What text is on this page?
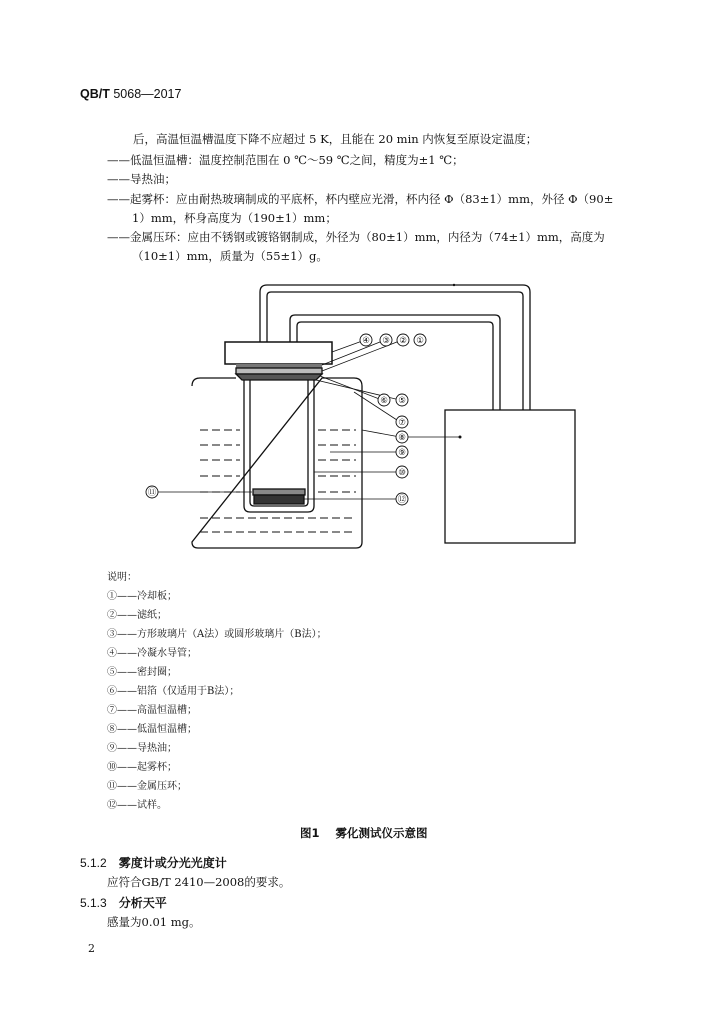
QB/T 5068—2017
后，高温恒温槽温度下降不应超过 5 K，且能在 20 min 内恢复至原设定温度；
——低温恒温槽：温度控制范围在 0 ℃～59 ℃之间，精度为±1 ℃；
——导热油；
——起雾杯：应由耐热玻璃制成的平底杯，杯内壁应光滑，杯内径 Φ（83±1）mm，外径 Φ（90±
1）mm，杯身高度为（190±1）mm；
——金属压环：应由不锈钢或镀铬钢制成，外径为（80±1）mm，内径为（74±1）mm，高度为
（10±1）mm，质量为（55±1）g。
①
②
③
④
⑤
⑥
⑦
⑧
⑨
⑩
⑪
⑫
说明：
①——冷却板；
②——滤纸；
③——方形玻璃片（A法）或圆形玻璃片（B法）；
④——冷凝水导管；
⑤——密封圈；
⑥——铝箔（仅适用于B法）；
⑦——高温恒温槽；
⑧——低温恒温槽；
⑨——导热油；
⑩——起雾杯；
⑪——金属压环；
⑫——试样。
图1 雾化测试仪示意图
5.1.2 雾度计或分光光度计
应符合GB/T 2410—2008的要求。
5.1.3 分析天平
感量为0.01 mg。
2
